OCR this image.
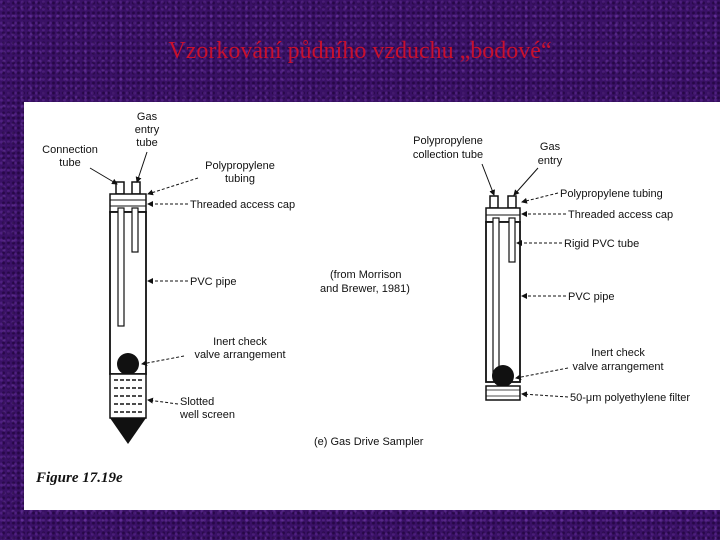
Vzorkování půdního vzduchu „bodové“
Gas
entry
tube
Connection
tube	Polypropylene
tubing
Threaded access cap
PVC pipe
Inert check
valve arrangement
Slotted
well screen
(from Morrison
and Brewer, 1981)
(e) Gas Drive Sampler
Figure 17.19e
Polypropylene
collection tube
Gas
entry
Polypropylene tubing
Threaded access cap
Rigid PVC tube
PVC pipe
Inert check
valve arrangement
50-μm polyethylene filter
